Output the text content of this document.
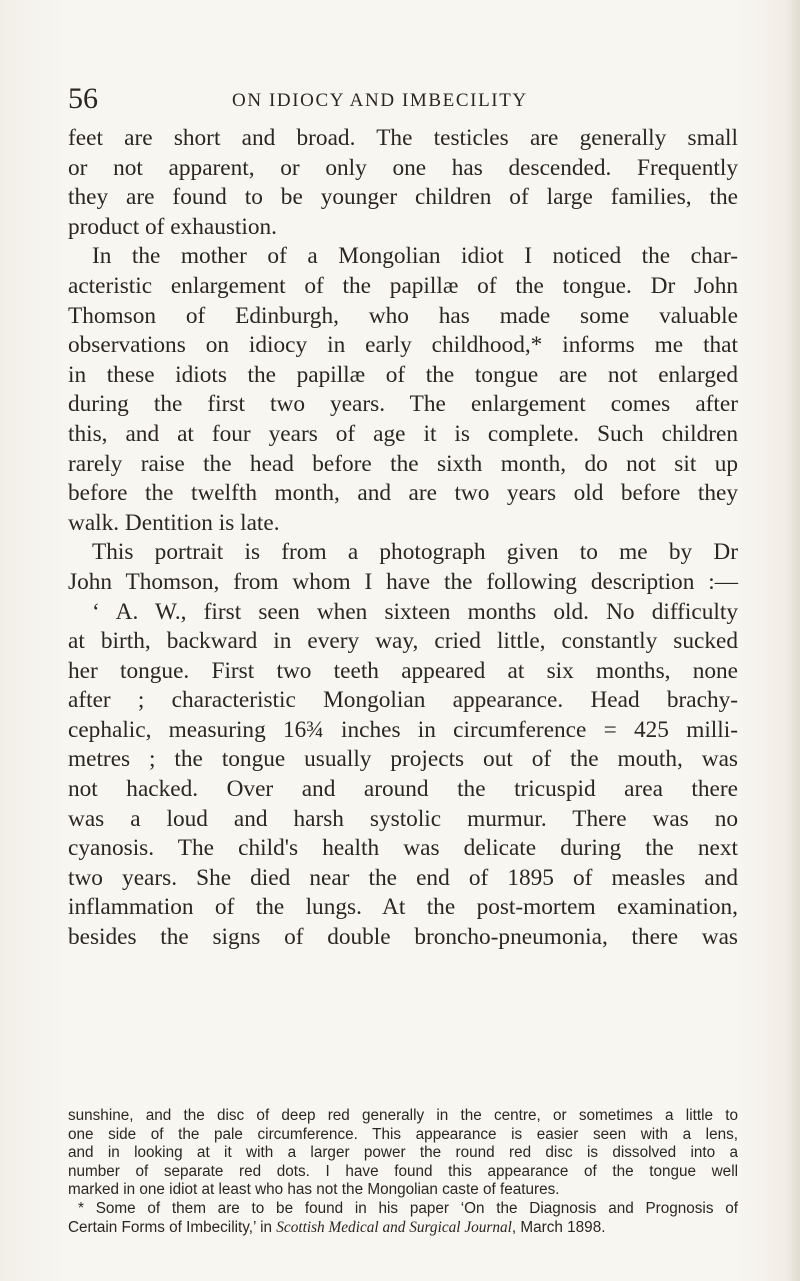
56	ON IDIOCY AND IMBECILITY
feet are short and broad. The testicles are generally small
or not apparent, or only one has descended. Frequently
they are found to be younger children of large families, the
product of exhaustion.
In the mother of a Mongolian idiot I noticed the char-
acteristic enlargement of the papillæ of the tongue. Dr John
Thomson of Edinburgh, who has made some valuable
observations on idiocy in early childhood,* informs me that
in these idiots the papillæ of the tongue are not enlarged
during the first two years. The enlargement comes after
this, and at four years of age it is complete. Such children
rarely raise the head before the sixth month, do not sit up
before the twelfth month, and are two years old before they
walk. Dentition is late.
This portrait is from a photograph given to me by Dr
John Thomson, from whom I have the following description :—
‘ A. W., first seen when sixteen months old. No difficulty
at birth, backward in every way, cried little, constantly sucked
her tongue. First two teeth appeared at six months, none
after ; characteristic Mongolian appearance. Head brachy-
cephalic, measuring 16¾ inches in circumference = 425 milli-
metres ; the tongue usually projects out of the mouth, was
not hacked. Over and around the tricuspid area there
was a loud and harsh systolic murmur. There was no
cyanosis. The child's health was delicate during the next
two years. She died near the end of 1895 of measles and
inflammation of the lungs. At the post-mortem examination,
besides the signs of double broncho-pneumonia, there was
sunshine, and the disc of deep red generally in the centre, or sometimes a little to
one side of the pale circumference. This appearance is easier seen with a lens,
and in looking at it with a larger power the round red disc is dissolved into a
number of separate red dots. I have found this appearance of the tongue well
marked in one idiot at least who has not the Mongolian caste of features.
* Some of them are to be found in his paper ‘On the Diagnosis and Prognosis of
Certain Forms of Imbecility,’ in Scottish Medical and Surgical Journal, March 1898.
